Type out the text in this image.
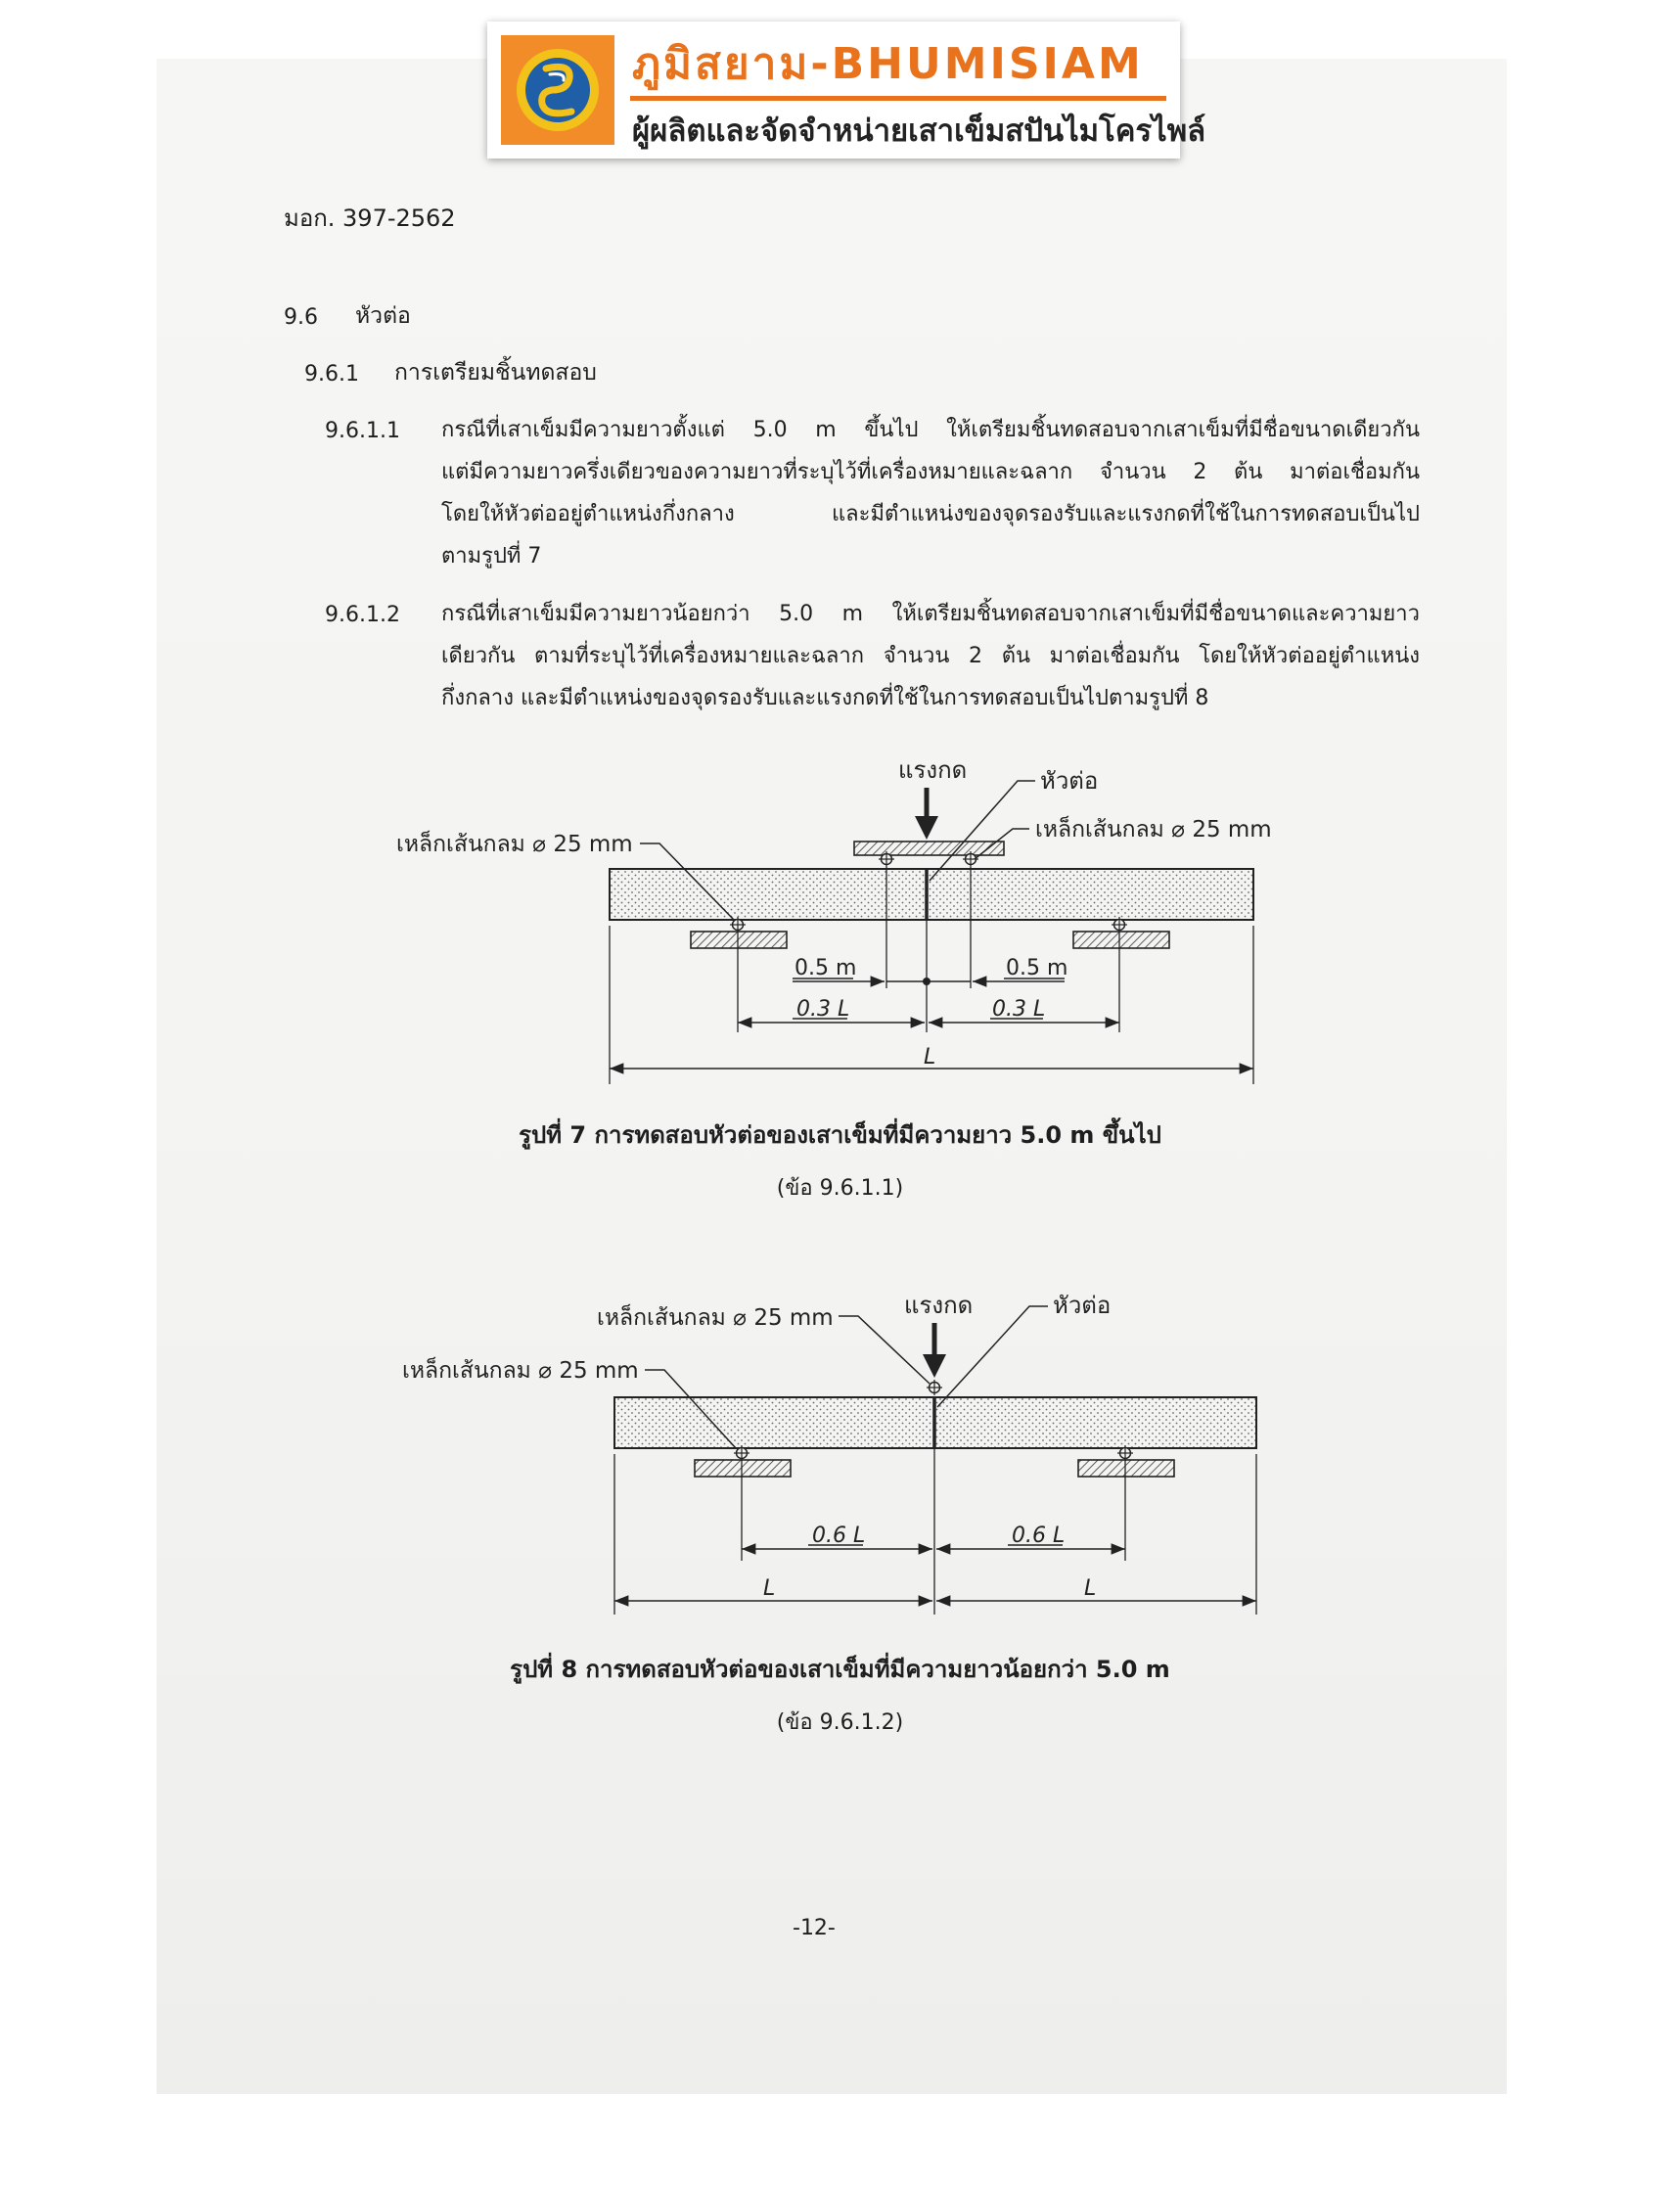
ภูมิสยาม-BHUMISIAM
ผู้ผลิตและจัดจำหน่ายเสาเข็มสปันไมโครไพล์
มอก. 397-2562
9.6 หัวต่อ
9.6.1 การเตรียมชิ้นทดสอบ
9.6.1.1 กรณีที่เสาเข็มมีความยาวตั้งแต่ 5.0 m ขึ้นไป ให้เตรียมชิ้นทดสอบจากเสาเข็มที่มีชื่อขนาดเดียวกัน
แต่มีความยาวครึ่งเดียวของความยาวที่ระบุไว้ที่เครื่องหมายและฉลาก จำนวน 2 ต้น มาต่อเชื่อมกัน
โดยให้หัวต่ออยู่ตำแหน่งกึ่งกลาง และมีตำแหน่งของจุดรองรับและแรงกดที่ใช้ในการทดสอบเป็นไป
ตามรูปที่ 7
9.6.1.2 กรณีที่เสาเข็มมีความยาวน้อยกว่า 5.0 m ให้เตรียมชิ้นทดสอบจากเสาเข็มที่มีชื่อขนาดและความยาว
เดียวกัน ตามที่ระบุไว้ที่เครื่องหมายและฉลาก จำนวน 2 ต้น มาต่อเชื่อมกัน โดยให้หัวต่ออยู่ตำแหน่ง
กึ่งกลาง และมีตำแหน่งของจุดรองรับและแรงกดที่ใช้ในการทดสอบเป็นไปตามรูปที่ 8
แรงกด	หัวต่อ
เหล็กเส้นกลม ⌀ 25 mm
เหล็กเส้นกลม ⌀ 25 mm
0.5 m	0.5 m
0.3 L	0.3 L
L
รูปที่ 7 การทดสอบหัวต่อของเสาเข็มที่มีความยาว 5.0 m ขึ้นไป
(ข้อ 9.6.1.1)
แรงกด	หัวต่อ
เหล็กเส้นกลม ⌀ 25 mm
เหล็กเส้นกลม ⌀ 25 mm
0.6 L	0.6 L
L	L
รูปที่ 8 การทดสอบหัวต่อของเสาเข็มที่มีความยาวน้อยกว่า 5.0 m
(ข้อ 9.6.1.2)
-12-
